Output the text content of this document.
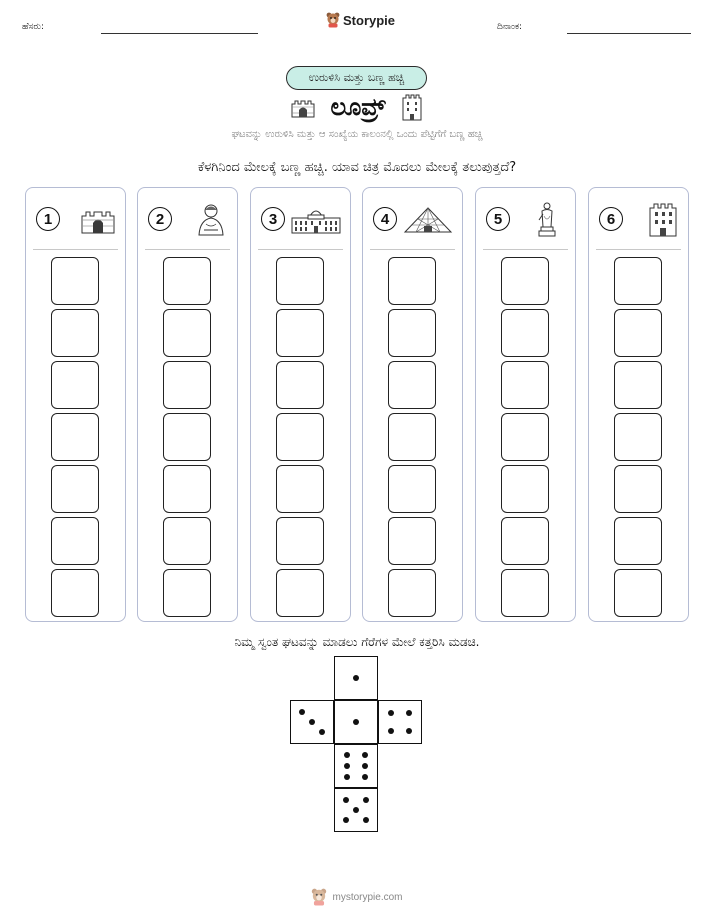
ಹೆಸರು:	Storypie	ದಿನಾಂಕ:
ಉರುಳಿಸಿ ಮತ್ತು ಬಣ್ಣ ಹಚ್ಚಿ
ಲೂವ್ರ್
ಘಟವನ್ನು ಉರುಳಿಸಿ ಮತ್ತು ಆ ಸಂಖ್ಯೆಯ ಕಾಲಂನಲ್ಲಿ ಒಂದು ಪೆಟ್ಟಿಗೆಗೆ ಬಣ್ಣ ಹಚ್ಚಿ
ಕೆಳಗಿನಿಂದ ಮೇಲಕ್ಕೆ ಬಣ್ಣ ಹಚ್ಚಿ. ಯಾವ ಚಿತ್ರ ಮೊದಲು ಮೇಲಕ್ಕೆ ತಲುಪುತ್ತದೆ?
1	2	3	4	5	6
ನಿಮ್ಮ ಸ್ವಂತ ಘಟವನ್ನು ಮಾಡಲು ಗೆರೆಗಳ ಮೇಲೆ ಕತ್ತರಿಸಿ ಮಡಚಿ.
mystorypie.com
